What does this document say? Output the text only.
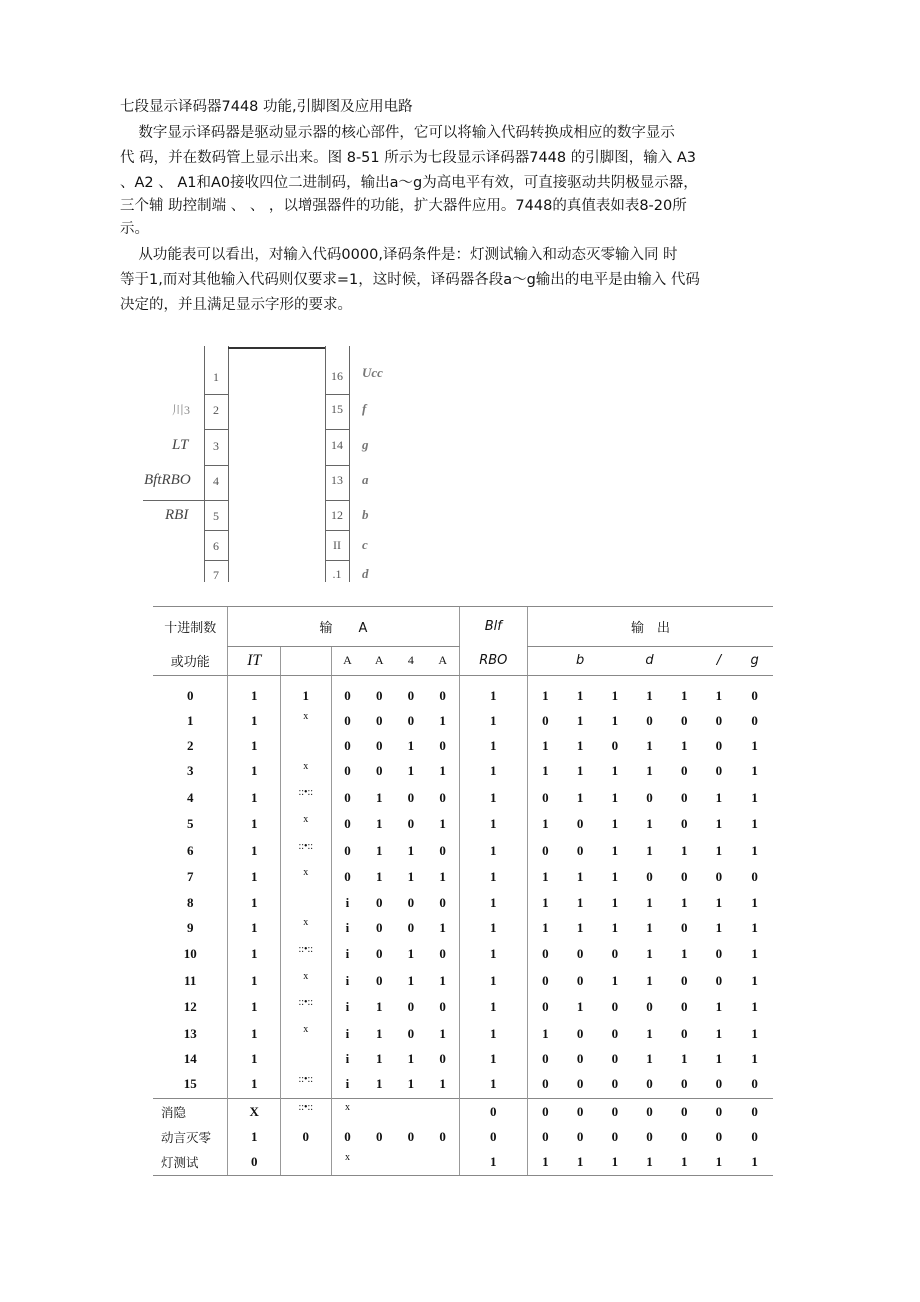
七段显示译码器7448 功能,引脚图及应用电路
1
2
3
4
5
6
7
16
15
14
13
12
II
.1
川3
LT
BftRBO
RBI
Ucc
f
g
a
b
c
d
十进制数	输　　A						Blf	输　出						
或功能	IT		A	A	4	A	RBO		b		d		/	g
0	1	1	0	0	0	0	1	1	1	1	1	1	1	0
1	1	x	0	0	0	1	1	0	1	1	0	0	0	0
2	1		0	0	1	0	1	1	1	0	1	1	0	1
3	1	x	0	0	1	1	1	1	1	1	1	0	0	1
4	1	::•::	0	1	0	0	1	0	1	1	0	0	1	1
5	1	x	0	1	0	1	1	1	0	1	1	0	1	1
6	1	::•::	0	1	1	0	1	0	0	1	1	1	1	1
7	1	x	0	1	1	1	1	1	1	1	0	0	0	0
8	1		i	0	0	0	1	1	1	1	1	1	1	1
9	1	x	i	0	0	1	1	1	1	1	1	0	1	1
10	1	::•::	i	0	1	0	1	0	0	0	1	1	0	1
11	1	x	i	0	1	1	1	0	0	1	1	0	0	1
12	1	::•::	i	1	0	0	1	0	1	0	0	0	1	1
13	1	x	i	1	0	1	1	1	0	0	1	0	1	1
14	1		i	1	1	0	1	0	0	0	1	1	1	1
15	1	::•::	i	1	1	1	1	0	0	0	0	0	0	0
消隐	X	::•::	x				0	0	0	0	0	0	0	0
动言灭零	1	0	0	0	0	0	0	0	0	0	0	0	0	0
灯测试	0		x				1	1	1	1	1	1	1	1
数字显示译码器是驱动显示器的核心部件，它可以将输入代码转换成相应的数字显示
代 码，并在数码管上显示出来。图 8-51 所示为七段显示译码器7448 的引脚图，输入 A3
、A2 、 A1和A0接收四位二进制码，输出a～g为高电平有效，可直接驱动共阴极显示器，
三个辅 助控制端 、 、 ，以增强器件的功能，扩大器件应用。7448的真值表如表8-20所
示。
从功能表可以看出，对输入代码0000,译码条件是：灯测试输入和动态灭零输入同 时
等于1,而对其他输入代码则仅要求=1，这时候，译码器各段a～g输出的电平是由输入 代码
决定的，并且满足显示字形的要求。
